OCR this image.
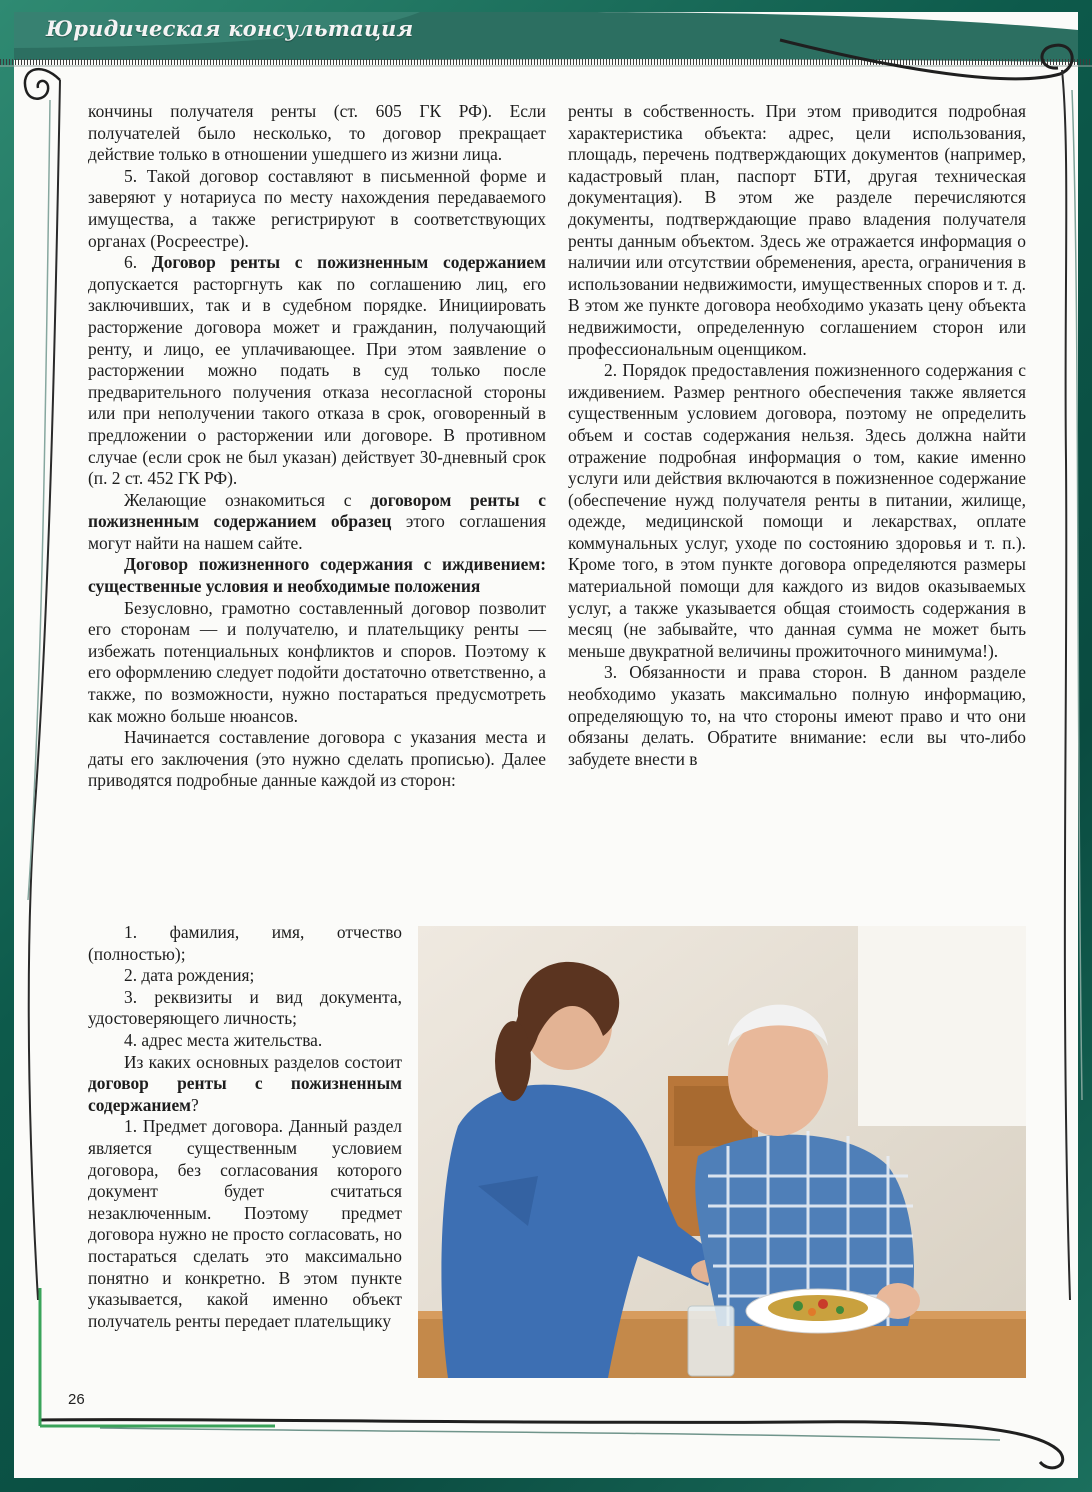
Юридическая консультация

кончины получателя ренты (ст. 605 ГК РФ). Если получателей было несколько, то договор прекращает действие только в отношении ушедшего из жизни лица.

5. Такой договор составляют в письменной форме и заверяют у нотариуса по месту нахождения передаваемого имущества, а также регистрируют в соответствующих органах (Росреестре).

6. Договор ренты с пожизненным содержанием допускается расторгнуть как по соглашению лиц, его заключивших, так и в судебном порядке. Инициировать расторжение договора может и гражданин, получающий ренту, и лицо, ее уплачивающее. При этом заявление о расторжении можно подать в суд только после предварительного получения отказа несогласной стороны или при неполучении такого отказа в срок, оговоренный в предложении о расторжении или договоре. В противном случае (если срок не был указан) действует 30-дневный срок (п. 2 ст. 452 ГК РФ).

Желающие ознакомиться с договором ренты с пожизненным содержанием образец этого соглашения могут найти на нашем сайте.

Договор пожизненного содержания с иждивением: существенные условия и необходимые положения

Безусловно, грамотно составленный договор позволит его сторонам — и получателю, и плательщику ренты — избежать потенциальных конфликтов и споров. Поэтому к его оформлению следует подойти достаточно ответственно, а также, по возможности, нужно постараться предусмотреть как можно больше нюансов.

Начинается составление договора с указания места и даты его заключения (это нужно сделать прописью). Далее приводятся подробные данные каждой из сторон:

1. фамилия, имя, отчество (полностью);

2. дата рождения;

3. реквизиты и вид документа, удостоверяющего личность;

4. адрес места жительства.

Из каких основных разделов состоит договор ренты с пожизненным содержанием?

1. Предмет договора. Данный раздел является существенным условием договора, без согласования которого документ будет считаться незаключенным. Поэтому предмет договора нужно не просто согласовать, но постараться сделать это максимально понятно и конкретно. В этом пункте указывается, какой именно объект получатель ренты передает плательщику

ренты в собственность. При этом приводится подробная характеристика объекта: адрес, цели использования, площадь, перечень подтверждающих документов (например, кадастровый план, паспорт БТИ, другая техническая документация). В этом же разделе перечисляются документы, подтверждающие право владения получателя ренты данным объектом. Здесь же отражается информация о наличии или отсутствии обременения, ареста, ограничения в использовании недвижимости, имущественных споров и т. д. В этом же пункте договора необходимо указать цену объекта недвижимости, определенную соглашением сторон или профессиональным оценщиком.

2. Порядок предоставления пожизненного содержания с иждивением. Размер рентного обеспечения также является существенным условием договора, поэтому не определить объем и состав содержания нельзя. Здесь должна найти отражение подробная информация о том, какие именно услуги или действия включаются в пожизненное содержание (обеспечение нужд получателя ренты в питании, жилище, одежде, медицинской помощи и лекарствах, оплате коммунальных услуг, уходе по состоянию здоровья и т. п.). Кроме того, в этом пункте договора определяются размеры материальной помощи для каждого из видов оказываемых услуг, а также указывается общая стоимость содержания в месяц (не забывайте, что данная сумма не может быть меньше двукратной величины прожиточного минимума!).

3. Обязанности и права сторон. В данном разделе необходимо указать максимально полную информацию, определяющую то, на что стороны имеют право и что они обязаны делать. Обратите внимание: если вы что-либо забудете внести в

26
